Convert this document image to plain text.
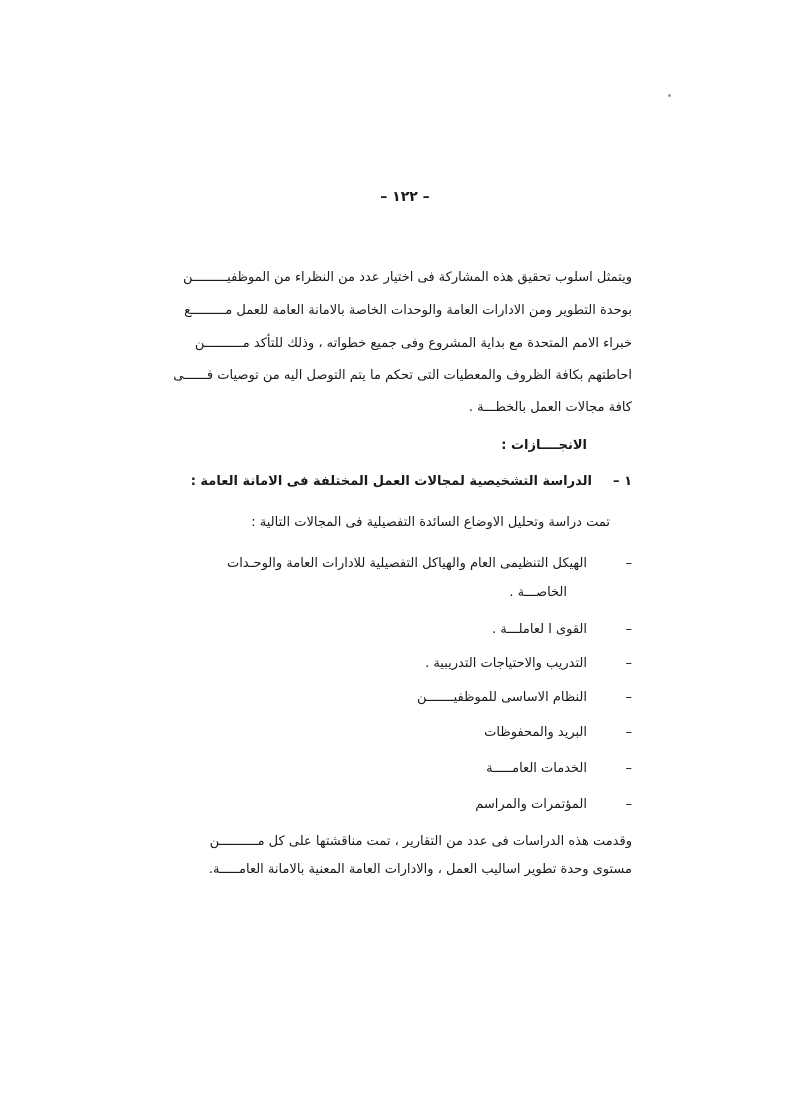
– ١٢٢ –
ويتمثل اسلوب تحقيق هذه المشاركة فى اختيار عدد من النظراء من الموظفيـــــــــن
بوحدة التطوير ومن الادارات العامة والوحدات الخاصة بالامانة العامة للعمل مـــــــــع
خبراء الامم المتحدة مع بداية المشروع وفى جميع خطواته ، وذلك للتأكد مــــــــــن
احاطتهم بكافة الظروف والمعطيات التى تحكم ما يتم التوصل اليه من توصيات فــــــى
كافة مجالات العمل بالخطـــة .
الانجــــازات :
١ –  الدراسة التشخيصية لمجالات العمل المختلفة فى الامانة العامة :
تمت دراسة وتحليل الاوضاع السائدة التفصيلية فى المجالات التالية :
–
الهيكل التنظيمى العام والهياكل التفصيلية للادارات العامة والوحـدات
الخاصـــة .
–
القوى ا لعاملـــة .
–
التدريب والاحتياجات التدريبية .
–
النظام الاساسى للموظفيـــــــن
–
البريد والمحفوظات
–
الخدمات العامـــــة
–
المؤتمرات والمراسم
وقدمت هذه الدراسات فى عدد من التقارير ، تمت مناقشتها على كل مــــــــــن
مستوى وحدة تطوير اساليب العمل ، والادارات العامة المعنية بالامانة العامـــــة.
